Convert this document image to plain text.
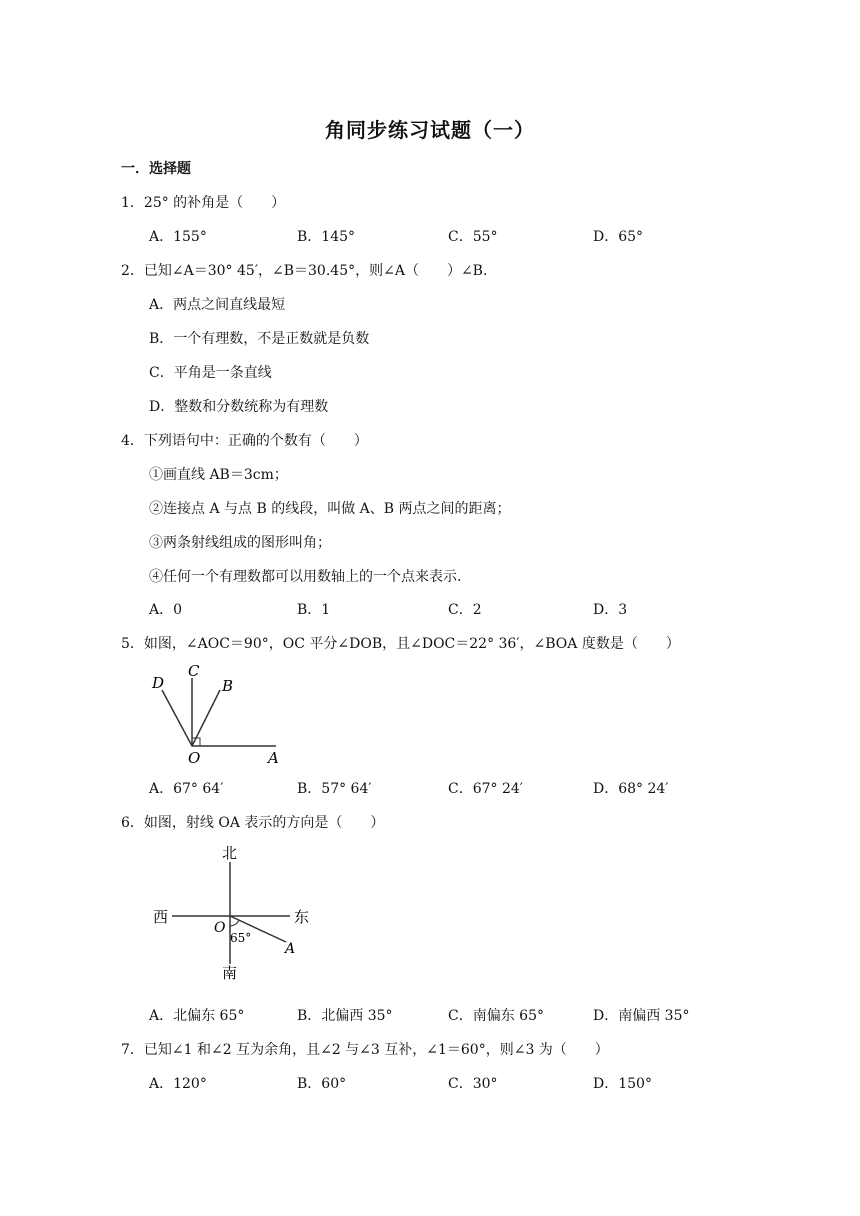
角同步练习试题（一）
一．选择题
1．25° 的补角是（　　）
A．155°	B．145°	C．55°	D．65°
2．已知∠A＝30° 45′，∠B＝30.45°，则∠A（　　）∠B．
A．两点之间直线最短
B．一个有理数，不是正数就是负数
C．平角是一条直线
D．整数和分数统称为有理数
4．下列语句中：正确的个数有（　　）
①画直线 AB＝3cm；
②连接点 A 与点 B 的线段，叫做 A、B 两点之间的距离；
③两条射线组成的图形叫角；
④任何一个有理数都可以用数轴上的一个点来表示．
A．0	B．1	C．2	D．3
5．如图，∠AOC＝90°，OC 平分∠DOB，且∠DOC＝22° 36′，∠BOA 度数是（　　）
D
C
B
O	A
A．67° 64′	B．57° 64′	C．67° 24′	D．68° 24′
6．如图，射线 OA 表示的方向是（　　）
北
南
西	东
O
A
65°
A．北偏东 65°	B．北偏西 35°	C．南偏东 65°	D．南偏西 35°
7．已知∠1 和∠2 互为余角，且∠2 与∠3 互补，∠1＝60°，则∠3 为（　　）
A．120°	B．60°	C．30°	D．150°
